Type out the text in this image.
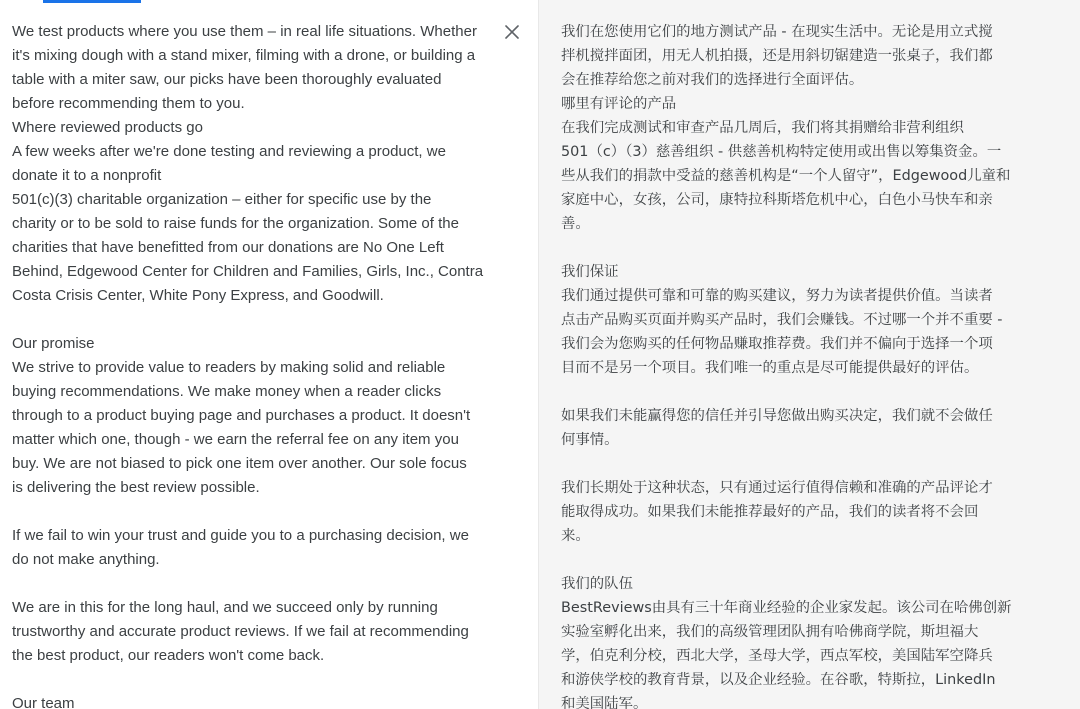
We test products where you use them – in real life situations. Whether
it's mixing dough with a stand mixer, filming with a drone, or building a
table with a miter saw, our picks have been thoroughly evaluated
before recommending them to you.
Where reviewed products go
A few weeks after we're done testing and reviewing a product, we
donate it to a nonprofit
501(c)(3) charitable organization – either for specific use by the
charity or to be sold to raise funds for the organization. Some of the
charities that have benefitted from our donations are No One Left
Behind, Edgewood Center for Children and Families, Girls, Inc., Contra
Costa Crisis Center, White Pony Express, and Goodwill.
Our promise
We strive to provide value to readers by making solid and reliable
buying recommendations. We make money when a reader clicks
through to a product buying page and purchases a product. It doesn't
matter which one, though - we earn the referral fee on any item you
buy. We are not biased to pick one item over another. Our sole focus
is delivering the best review possible.
If we fail to win your trust and guide you to a purchasing decision, we
do not make anything.
We are in this for the long haul, and we succeed only by running
trustworthy and accurate product reviews. If we fail at recommending
the best product, our readers won't come back.
Our team
我们在您使用它们的地方测试产品 - 在现实生活中。无论是用立式搅
拌机搅拌面团，用无人机拍摄，还是用斜切锯建造一张桌子，我们都
会在推荐给您之前对我们的选择进行全面评估。
哪里有评论的产品
在我们完成测试和审查产品几周后，我们将其捐赠给非营利组织
501（c）（3）慈善组织 - 供慈善机构特定使用或出售以筹集资金。一
些从我们的捐款中受益的慈善机构是“一个人留守”，Edgewood儿童和
家庭中心，女孩，公司，康特拉科斯塔危机中心，白色小马快车和亲
善。
我们保证
我们通过提供可靠和可靠的购买建议，努力为读者提供价值。当读者
点击产品购买页面并购买产品时，我们会赚钱。不过哪一个并不重要 -
我们会为您购买的任何物品赚取推荐费。我们并不偏向于选择一个项
目而不是另一个项目。我们唯一的重点是尽可能提供最好的评估。
如果我们未能赢得您的信任并引导您做出购买决定，我们就不会做任
何事情。
我们长期处于这种状态，只有通过运行值得信赖和准确的产品评论才
能取得成功。如果我们未能推荐最好的产品，我们的读者将不会回
来。
我们的队伍
BestReviews由具有三十年商业经验的企业家发起。该公司在哈佛创新
实验室孵化出来，我们的高级管理团队拥有哈佛商学院，斯坦福大
学，伯克利分校，西北大学，圣母大学，西点军校，美国陆军空降兵
和游侠学校的教育背景，以及企业经验。在谷歌，特斯拉，LinkedIn
和美国陆军。
